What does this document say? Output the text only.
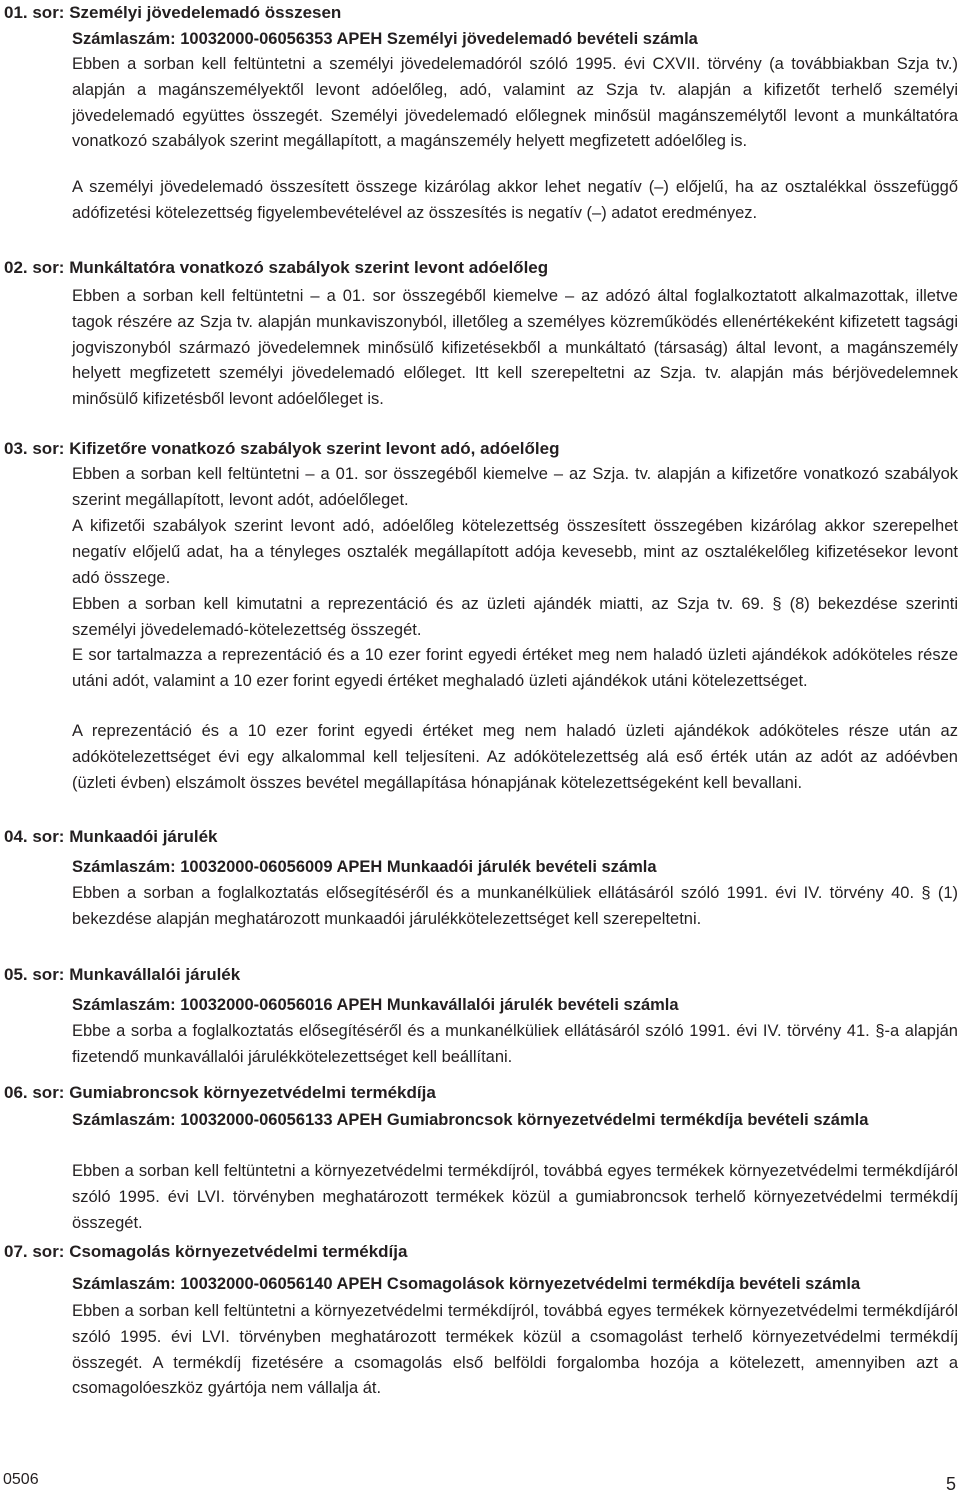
01. sor: Személyi jövedelemadó összesen
Számlaszám: 10032000-06056353 APEH Személyi jövedelemadó bevételi számla
Ebben a sorban kell feltüntetni a személyi jövedelemadóról szóló 1995. évi CXVII. törvény (a továbbiakban Szja tv.) alapján a magánszemélyektől levont adóelőleg, adó, valamint az Szja tv. alapján a kifizetőt terhelő személyi jövedelemadó együttes összegét. Személyi jövedelemadó előlegnek minősül magánszemélytől levont a munkáltatóra vonatkozó szabályok szerint megállapított, a magánszemély helyett megfizetett adóelőleg is.
A személyi jövedelemadó összesített összege kizárólag akkor lehet negatív (–) előjelű, ha az osztalékkal összefüggő adófizetési kötelezettség figyelembevételével az összesítés is negatív (–) adatot eredményez.
02. sor: Munkáltatóra vonatkozó szabályok szerint levont adóelőleg
Ebben a sorban kell feltüntetni – a 01. sor összegéből kiemelve – az adózó által foglalkoztatott alkalmazottak, illetve tagok részére az Szja tv. alapján munkaviszonyból, illetőleg a személyes közreműködés ellenértékeként kifizetett tagsági jogviszonyból származó jövedelemnek minősülő kifizetésekből a munkáltató (társaság) által levont, a magánszemély helyett megfizetett személyi jövedelemadó előleget. Itt kell szerepeltetni az Szja. tv. alapján más bérjövedelemnek minősülő kifizetésből levont adóelőleget is.
03. sor: Kifizetőre vonatkozó szabályok szerint levont adó, adóelőleg
Ebben a sorban kell feltüntetni – a 01. sor összegéből kiemelve – az Szja. tv. alapján a kifizetőre vonatkozó szabályok szerint megállapított, levont adót, adóelőleget.
A kifizetői szabályok szerint levont adó, adóelőleg kötelezettség összesített összegében kizárólag akkor szerepelhet negatív előjelű adat, ha a tényleges osztalék megállapított adója kevesebb, mint az osztalékelőleg kifizetésekor levont adó összege.
Ebben a sorban kell kimutatni a reprezentáció és az üzleti ajándék miatti, az Szja tv. 69. § (8) bekezdése szerinti személyi jövedelemadó-kötelezettség összegét.
E sor tartalmazza a reprezentáció és a 10 ezer forint egyedi értéket meg nem haladó üzleti ajándékok adóköteles része utáni adót, valamint a 10 ezer forint egyedi értéket meghaladó üzleti ajándékok utáni kötelezettséget.
A reprezentáció és a 10 ezer forint egyedi értéket meg nem haladó üzleti ajándékok adóköteles része után az adókötelezettséget évi egy alkalommal kell teljesíteni. Az adókötelezettség alá eső érték után az adót az adóévben (üzleti évben) elszámolt összes bevétel megállapítása hónapjának kötelezettségeként kell bevallani.
04. sor: Munkaadói járulék
Számlaszám: 10032000-06056009 APEH Munkaadói járulék bevételi számla
Ebben a sorban a foglalkoztatás elősegítéséről és a munkanélküliek ellátásáról szóló 1991. évi IV. törvény 40. § (1) bekezdése alapján meghatározott munkaadói járulékkötelezettséget kell szerepeltetni.
05. sor: Munkavállalói járulék
Számlaszám: 10032000-06056016 APEH Munkavállalói járulék bevételi számla
Ebbe a sorba a foglalkoztatás elősegítéséről és a munkanélküliek ellátásáról szóló 1991. évi IV. törvény 41. §-a alapján fizetendő munkavállalói járulékkötelezettséget kell beállítani.
06. sor: Gumiabroncsok környezetvédelmi termékdíja
Számlaszám: 10032000-06056133 APEH Gumiabroncsok környezetvédelmi termékdíja bevételi számla
Ebben a sorban kell feltüntetni a környezetvédelmi termékdíjról, továbbá egyes termékek környezetvédelmi termékdíjáról szóló 1995. évi LVI. törvényben meghatározott termékek közül a gumiabroncsok terhelő környezetvédelmi termékdíj összegét.
07. sor: Csomagolás környezetvédelmi termékdíja
Számlaszám: 10032000-06056140 APEH Csomagolások környezetvédelmi termékdíja bevételi számla
Ebben a sorban kell feltüntetni a környezetvédelmi termékdíjról, továbbá egyes termékek környezetvédelmi termékdíjáról szóló 1995. évi LVI. törvényben meghatározott termékek közül a csomagolást terhelő környezetvédelmi termékdíj összegét. A termékdíj fizetésére a csomagolás első belföldi forgalomba hozója a kötelezett, amennyiben azt a csomagolóeszköz gyártója nem vállalja át.
0506	5
